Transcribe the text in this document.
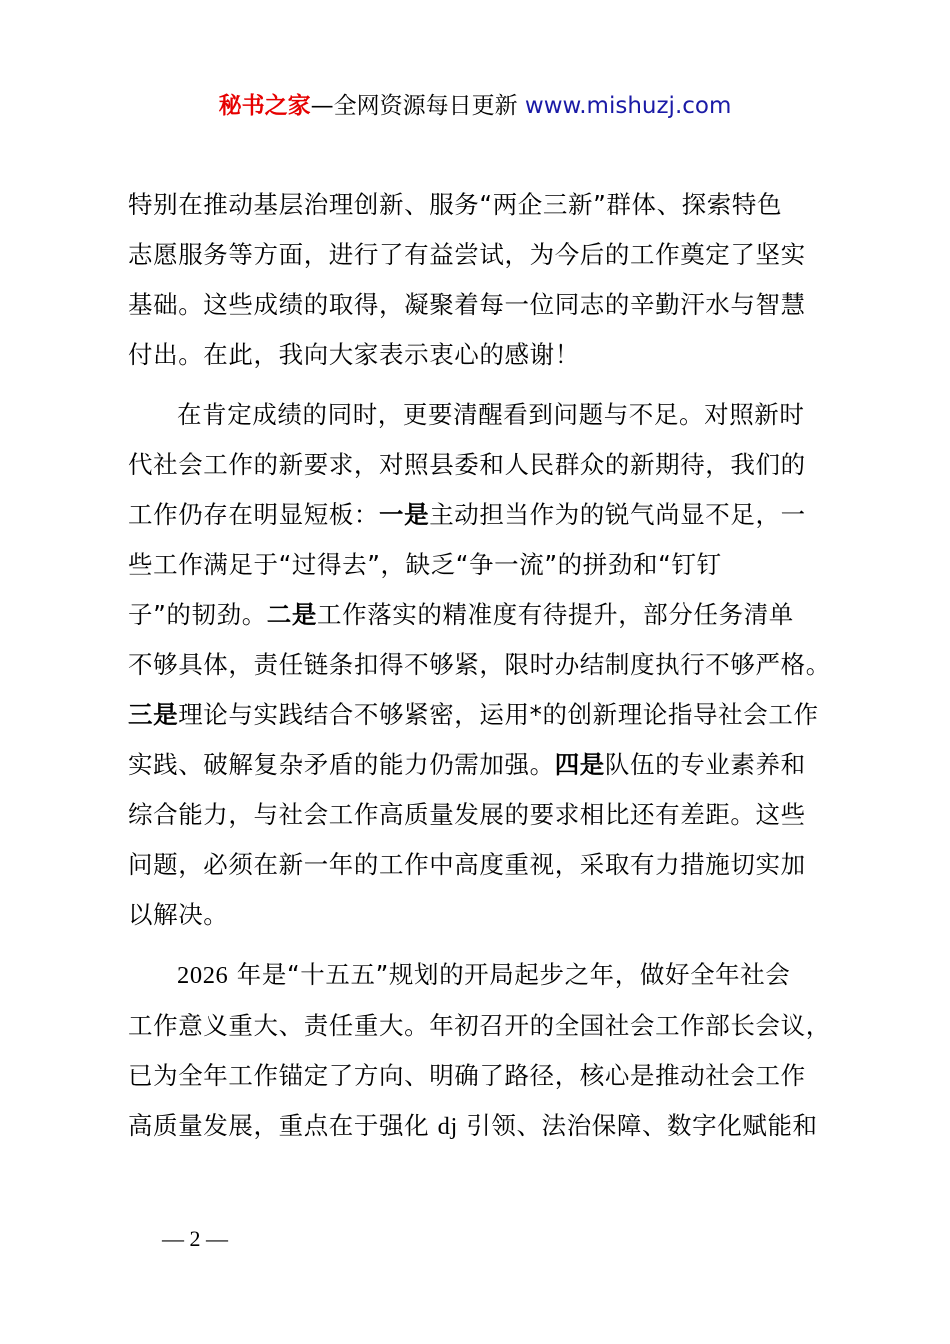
秘书之家—全网资源每日更新 www.mishuzj.com

特别在推动基层治理创新、服务“两企三新”群体、探索特色
志愿服务等方面，进行了有益尝试，为今后的工作奠定了坚实
基础。这些成绩的取得，凝聚着每一位同志的辛勤汗水与智慧
付出。在此，我向大家表示衷心的感谢！

在肯定成绩的同时，更要清醒看到问题与不足。对照新时
代社会工作的新要求，对照县委和人民群众的新期待，我们的
工作仍存在明显短板：一是主动担当作为的锐气尚显不足，一
些工作满足于“过得去”，缺乏“争一流”的拼劲和“钉钉
子”的韧劲。二是工作落实的精准度有待提升，部分任务清单
不够具体，责任链条扣得不够紧，限时办结制度执行不够严格。
三是理论与实践结合不够紧密，运用*的创新理论指导社会工作
实践、破解复杂矛盾的能力仍需加强。四是队伍的专业素养和
综合能力，与社会工作高质量发展的要求相比还有差距。这些
问题，必须在新一年的工作中高度重视，采取有力措施切实加
以解决。

2026 年是“十五五”规划的开局起步之年，做好全年社会
工作意义重大、责任重大。年初召开的全国社会工作部长会议，
已为全年工作锚定了方向、明确了路径，核心是推动社会工作
高质量发展，重点在于强化 dj 引领、法治保障、数字化赋能和

— 2 —
